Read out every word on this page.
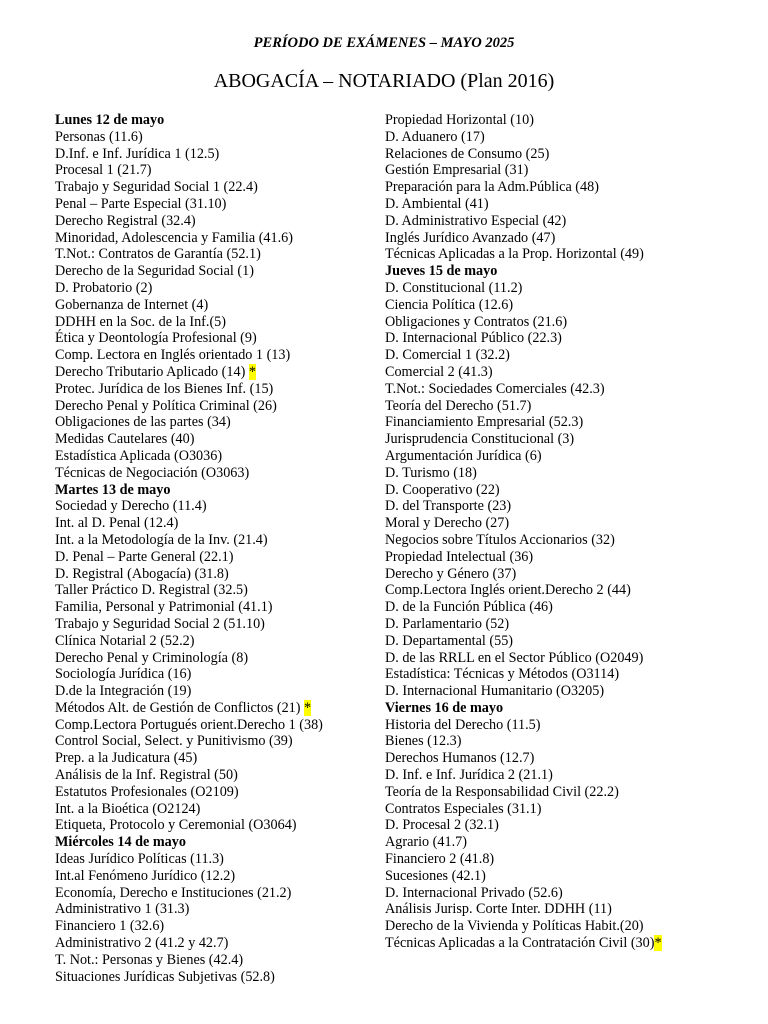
PERÍODO DE EXÁMENES – MAYO 2025
ABOGACÍA – NOTARIADO (Plan 2016)
Lunes 12 de mayo
Personas (11.6)
D.Inf. e Inf. Jurídica 1 (12.5)
Procesal 1 (21.7)
Trabajo y Seguridad Social 1 (22.4)
Penal – Parte Especial (31.10)
Derecho Registral (32.4)
Minoridad, Adolescencia y Familia (41.6)
T.Not.: Contratos de Garantía (52.1)
Derecho de la Seguridad Social (1)
D. Probatorio (2)
Gobernanza de Internet (4)
DDHH en la Soc. de la Inf.(5)
Ética y Deontología Profesional (9)
Comp. Lectora en Inglés orientado 1 (13)
Derecho Tributario Aplicado (14) *
Protec. Jurídica de los Bienes Inf. (15)
Derecho Penal y Política Criminal (26)
Obligaciones de las partes (34)
Medidas Cautelares (40)
Estadística Aplicada (O3036)
Técnicas de Negociación (O3063)
Martes 13 de mayo
Sociedad y Derecho (11.4)
Int. al D. Penal (12.4)
Int. a la Metodología de la Inv. (21.4)
D. Penal – Parte General (22.1)
D. Registral (Abogacía) (31.8)
Taller Práctico D. Registral (32.5)
Familia, Personal y Patrimonial (41.1)
Trabajo y Seguridad Social 2 (51.10)
Clínica Notarial 2 (52.2)
Derecho Penal y Criminología (8)
Sociología Jurídica (16)
D.de la Integración (19)
Métodos Alt. de Gestión de Conflictos (21) *
Comp.Lectora Portugués orient.Derecho 1 (38)
Control Social, Select. y Punitivismo (39)
Prep. a la Judicatura (45)
Análisis de la Inf. Registral (50)
Estatutos Profesionales (O2109)
Int. a la Bioética (O2124)
Etiqueta, Protocolo y Ceremonial (O3064)
Miércoles 14 de mayo
Ideas Jurídico Políticas (11.3)
Int.al Fenómeno Jurídico (12.2)
Economía, Derecho e Instituciones (21.2)
Administrativo 1 (31.3)
Financiero 1 (32.6)
Administrativo 2 (41.2 y 42.7)
T. Not.: Personas y Bienes (42.4)
Situaciones Jurídicas Subjetivas (52.8)
Propiedad Horizontal (10)
D. Aduanero (17)
Relaciones de Consumo (25)
Gestión Empresarial (31)
Preparación para la Adm.Pública (48)
D. Ambiental (41)
D. Administrativo Especial (42)
Inglés Jurídico Avanzado (47)
Técnicas Aplicadas a la Prop. Horizontal (49)
Jueves 15 de mayo
D. Constitucional (11.2)
Ciencia Política (12.6)
Obligaciones y Contratos (21.6)
D. Internacional Público (22.3)
D. Comercial 1 (32.2)
Comercial 2 (41.3)
T.Not.: Sociedades Comerciales (42.3)
Teoría del Derecho (51.7)
Financiamiento Empresarial (52.3)
Jurisprudencia Constitucional (3)
Argumentación Jurídica (6)
D. Turismo (18)
D. Cooperativo (22)
D. del Transporte (23)
Moral y Derecho (27)
Negocios sobre Títulos Accionarios (32)
Propiedad Intelectual (36)
Derecho y Género (37)
Comp.Lectora Inglés orient.Derecho 2 (44)
D. de la Función Pública (46)
D. Parlamentario (52)
D. Departamental (55)
D. de las RRLL en el Sector Público (O2049)
Estadística: Técnicas y Métodos (O3114)
D. Internacional Humanitario (O3205)
Viernes 16 de mayo
Historia del Derecho (11.5)
Bienes (12.3)
Derechos Humanos (12.7)
D. Inf. e Inf. Jurídica 2 (21.1)
Teoría de la Responsabilidad Civil (22.2)
Contratos Especiales (31.1)
D. Procesal 2 (32.1)
Agrario (41.7)
Financiero 2 (41.8)
Sucesiones (42.1)
D. Internacional Privado (52.6)
Análisis Jurisp. Corte Inter. DDHH (11)
Derecho de la Vivienda y Políticas Habit.(20)
Técnicas Aplicadas a la Contratación Civil (30)*
